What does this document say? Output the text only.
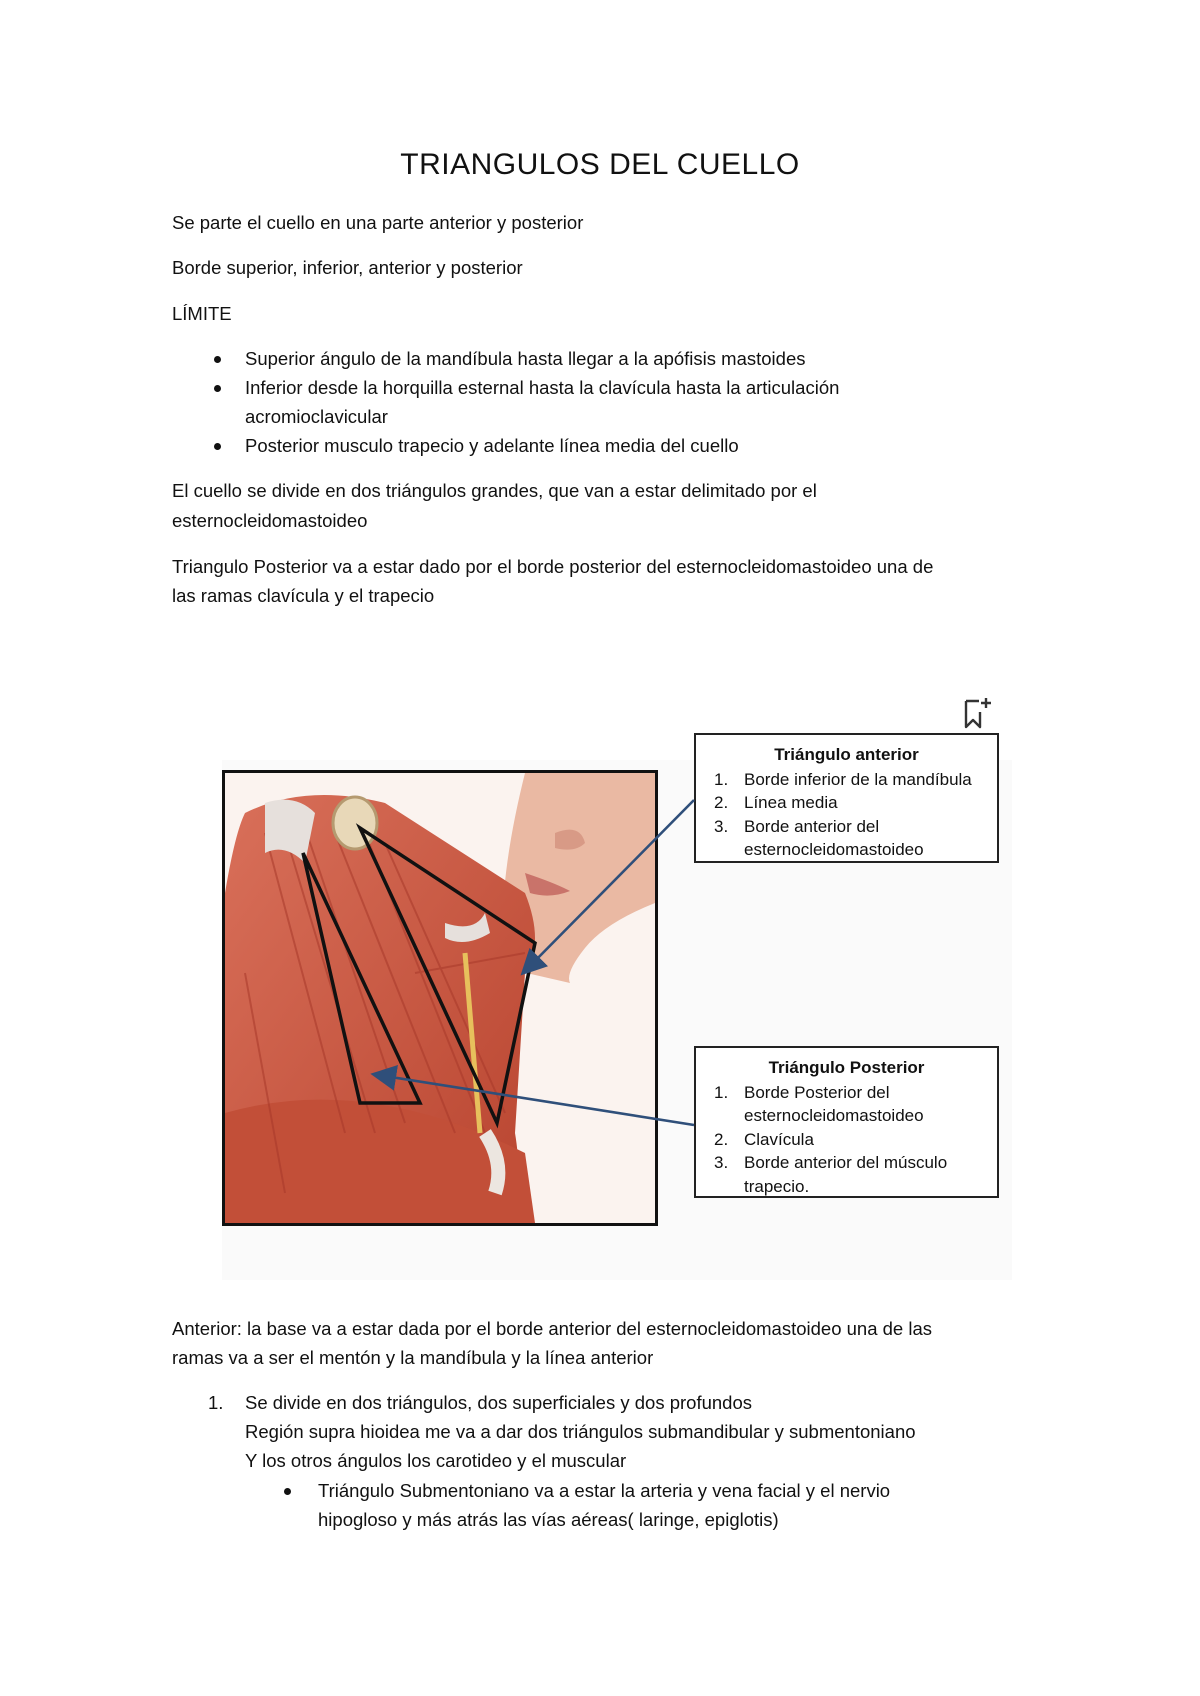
TRIANGULOS DEL CUELLO
Se parte el cuello en una parte anterior y posterior
Borde superior, inferior, anterior y posterior
LÍMITE
Superior ángulo de la mandíbula hasta llegar a la apófisis mastoides
Inferior desde la horquilla esternal hasta la clavícula hasta la articulación
acromioclavicular
Posterior musculo trapecio y adelante línea media del cuello
El cuello se divide en dos triángulos grandes, que van a estar delimitado por el
esternocleidomastoideo
Triangulo Posterior va a estar dado por el borde posterior del esternocleidomastoideo una de
las ramas clavícula y el trapecio
Triángulo anterior
1. Borde inferior de la mandíbula
2. Línea media
3. Borde anterior del
esternocleidomastoideo
Triángulo Posterior
1. Borde Posterior del
esternocleidomastoideo
2. Clavícula
3. Borde anterior del músculo
trapecio.
Anterior: la base va a estar dada por el borde anterior del esternocleidomastoideo una de las
ramas va a ser el mentón y la mandíbula y la línea anterior
1.	Se divide en dos triángulos, dos superficiales y dos profundos
Región supra hioidea me va a dar dos triángulos submandibular y submentoniano
Y los otros ángulos los carotideo y el muscular
Triángulo Submentoniano va a estar la arteria y vena facial y el nervio
hipogloso y más atrás las vías aéreas( laringe, epiglotis)
